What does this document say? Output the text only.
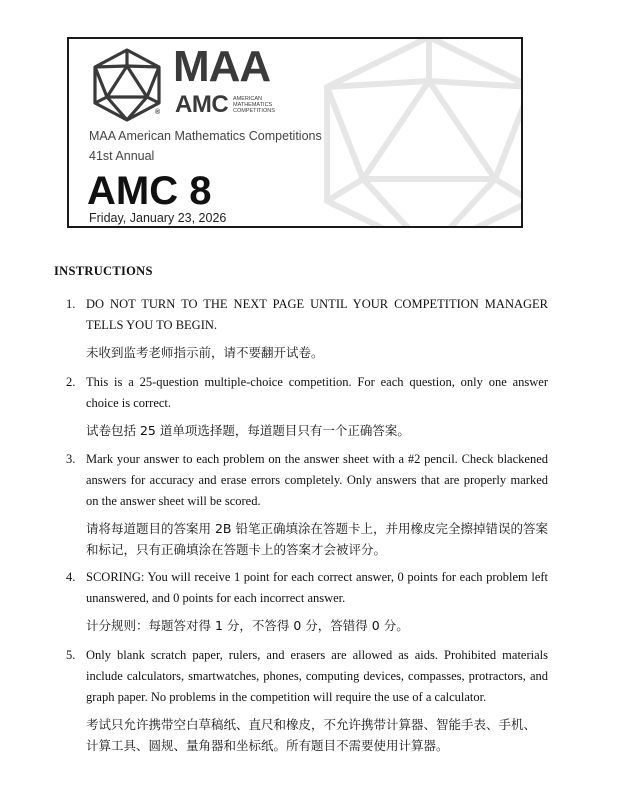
®
MAA
AMC AMERICAN
MATHEMATICS
COMPETITIONS
MAA American Mathematics Competitions
41st Annual
AMC 8
Friday, January 23, 2026
INSTRUCTIONS
1. DO NOT TURN TO THE NEXT PAGE UNTIL YOUR COMPETITION MANAGER TELLS YOU TO BEGIN.

未收到监考老师指示前，请不要翻开试卷。

2. This is a 25-question multiple-choice competition. For each question, only one answer choice is correct.

试卷包括 25 道单项选择题，每道题目只有一个正确答案。

3. Mark your answer to each problem on the answer sheet with a #2 pencil. Check blackened answers for accuracy and erase errors completely. Only answers that are properly marked on the answer sheet will be scored.

请将每道题目的答案用 2B 铅笔正确填涂在答题卡上，并用橡皮完全擦掉错误的答案和标记，只有正确填涂在答题卡上的答案才会被评分。

4. SCORING: You will receive 1 point for each correct answer, 0 points for each problem left unanswered, and 0 points for each incorrect answer.

计分规则：每题答对得 1 分，不答得 0 分，答错得 0 分。

5. Only blank scratch paper, rulers, and erasers are allowed as aids. Prohibited materials include calculators, smartwatches, phones, computing devices, compasses, protractors, and graph paper. No problems in the competition will require the use of a calculator.

考试只允许携带空白草稿纸、直尺和橡皮，不允许携带计算器、智能手表、手机、计算工具、圆规、量角器和坐标纸。所有题目不需要使用计算器。
